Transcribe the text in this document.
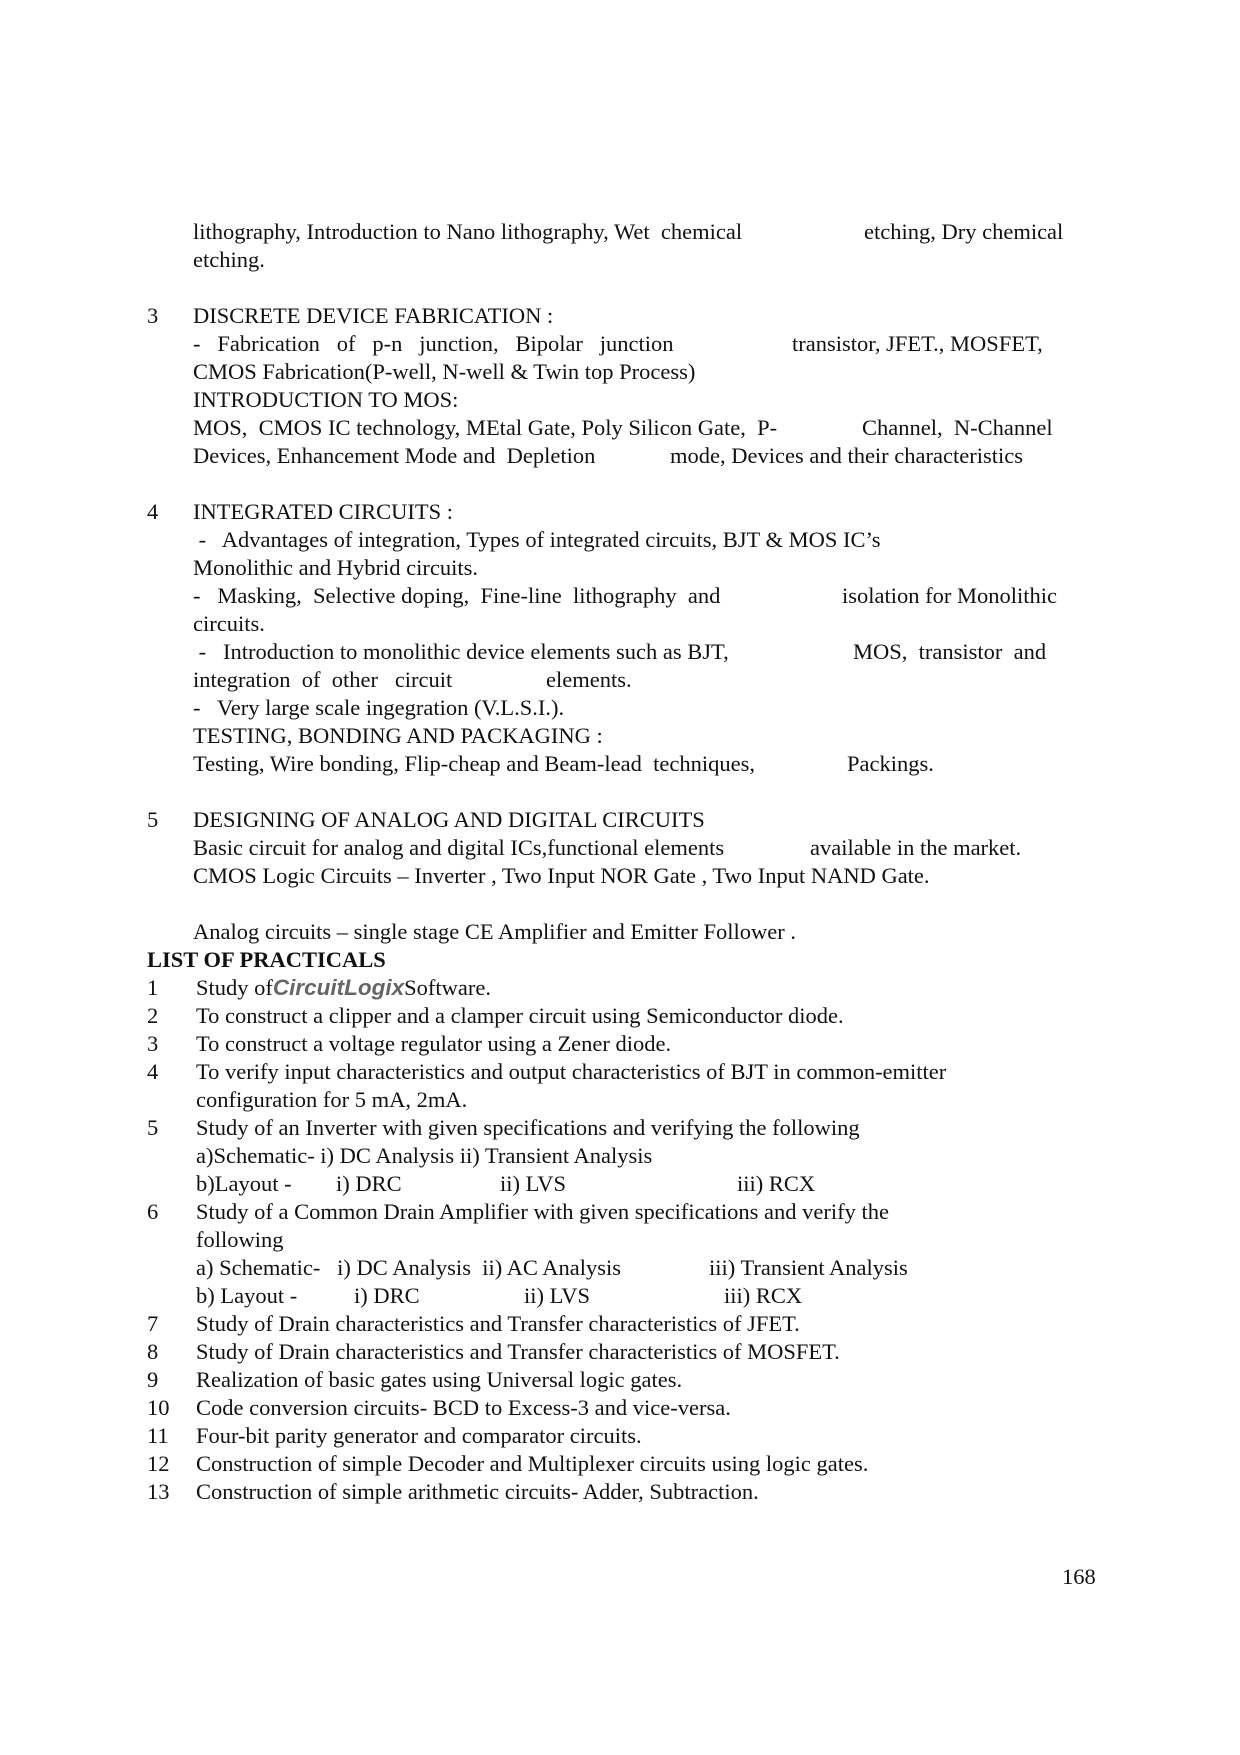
lithography, Introduction to Nano lithography, Wet  chemical	etching, Dry chemical
etching.
3 DISCRETE DEVICE FABRICATION :
-   Fabrication   of   p-n   junction,   Bipolar   junction	transistor, JFET., MOSFET,
CMOS Fabrication(P-well, N-well & Twin top Process)
INTRODUCTION TO MOS:
MOS,  CMOS IC technology, MEtal Gate, Poly Silicon Gate,  P-	Channel,  N-Channel
Devices, Enhancement Mode and  Depletion	mode, Devices and their characteristics
4 INTEGRATED CIRCUITS :
-   Advantages of integration, Types of integrated circuits, BJT & MOS IC’s
Monolithic and Hybrid circuits.
-   Masking,  Selective doping,  Fine-line  lithography  and	isolation for Monolithic
circuits.
-   Introduction to monolithic device elements such as BJT,	MOS,  transistor  and
integration  of  other   circuit	elements.
-   Very large scale ingegration (V.L.S.I.).
TESTING, BONDING AND PACKAGING :
Testing, Wire bonding, Flip-cheap and Beam-lead  techniques,	Packings.
5 DESIGNING OF ANALOG AND DIGITAL CIRCUITS
Basic circuit for analog and digital ICs,functional elements	available in the market.
CMOS Logic Circuits – Inverter , Two Input NOR Gate , Two Input NAND Gate.
Analog circuits – single stage CE Amplifier and Emitter Follower .
LIST OF PRACTICALS
1 Study ofCircuitLogixSoftware.
2 To construct a clipper and a clamper circuit using Semiconductor diode.
3 To construct a voltage regulator using a Zener diode.
4 To verify input characteristics and output characteristics of BJT in common-emitter
configuration for 5 mA, 2mA.
5 Study of an Inverter with given specifications and verifying the following
a)Schematic- i) DC Analysis ii) Transient Analysis
b)Layout - i) DRC	ii) LVS	iii) RCX
6 Study of a Common Drain Amplifier with given specifications and verify the
following
a) Schematic-   i) DC Analysis  ii) AC Analysis	iii) Transient Analysis
b) Layout -	i) DRC	ii) LVS	iii) RCX
7 Study of Drain characteristics and Transfer characteristics of JFET.
8 Study of Drain characteristics and Transfer characteristics of MOSFET.
9 Realization of basic gates using Universal logic gates.
10 Code conversion circuits- BCD to Excess-3 and vice-versa.
11 Four-bit parity generator and comparator circuits.
12 Construction of simple Decoder and Multiplexer circuits using logic gates.
13 Construction of simple arithmetic circuits- Adder, Subtraction.
168
